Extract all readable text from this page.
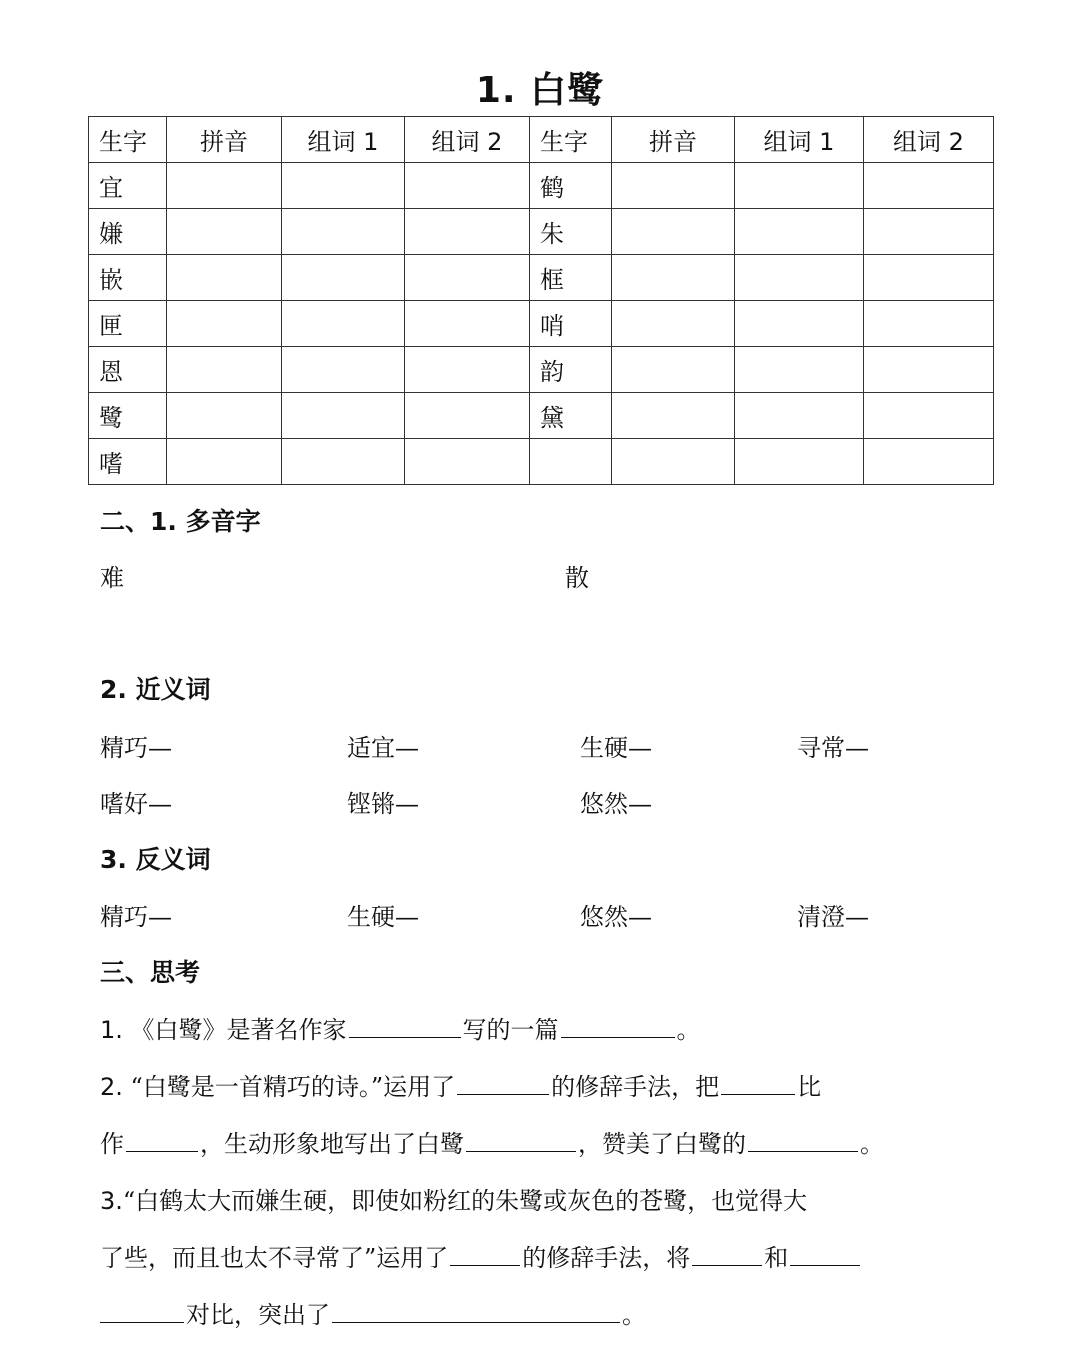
1. 白鹭
生字	拼音	组词 1	组词 2	生字	拼音	组词 1	组词 2
宜				鹤			
嫌				朱			
嵌				框			
匣				哨			
恩				韵			
鹭				黛			
嗜							
二、1. 多音字
难	散
2. 近义词
精巧—	适宜—	生硬—	寻常—
嗜好—	铿锵—	悠然—
3. 反义词
精巧—	生硬—	悠然—	清澄—
三、思考
1. 《白鹭》是著名作家	写的一篇	。
2. “白鹭是一首精巧的诗。”运用了	的修辞手法，把	比
作	，生动形象地写出了白鹭	，赞美了白鹭的	。
3.“白鹤太大而嫌生硬，即使如粉红的朱鹭或灰色的苍鹭，也觉得大
了些，而且也太不寻常了”运用了	的修辞手法，将	和
对比，突出了	。
